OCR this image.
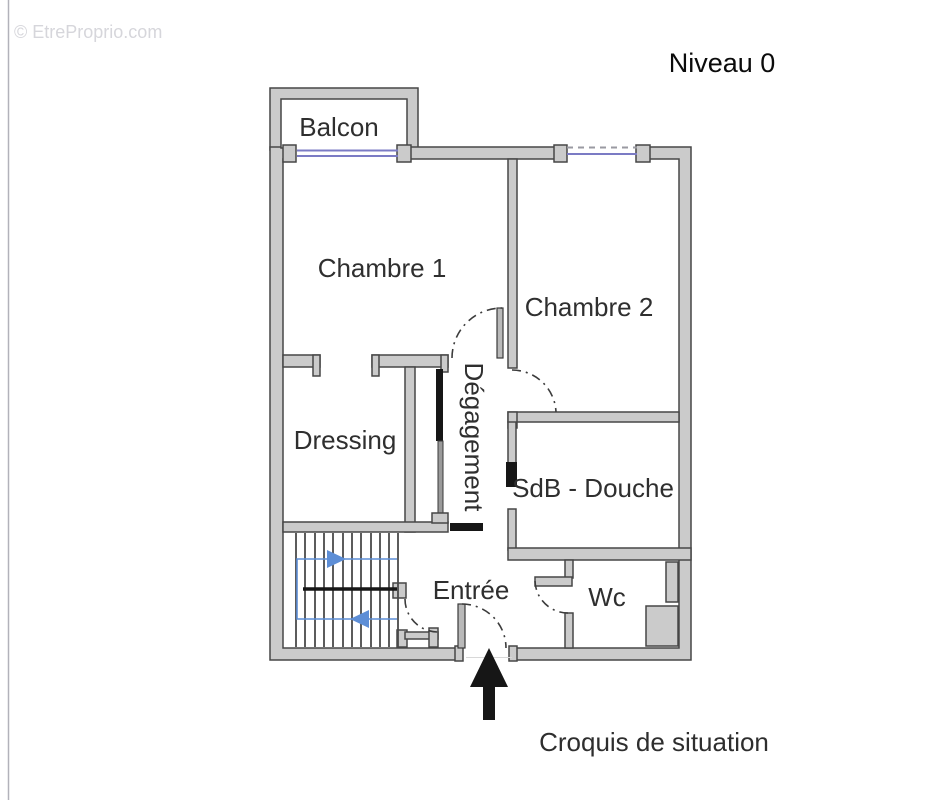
© EtreProprio.com
Niveau 0
Croquis de situation
Balcon
Chambre 1
Chambre 2
Dressing Dégagement SdB - Douche
Entrée	Wc
